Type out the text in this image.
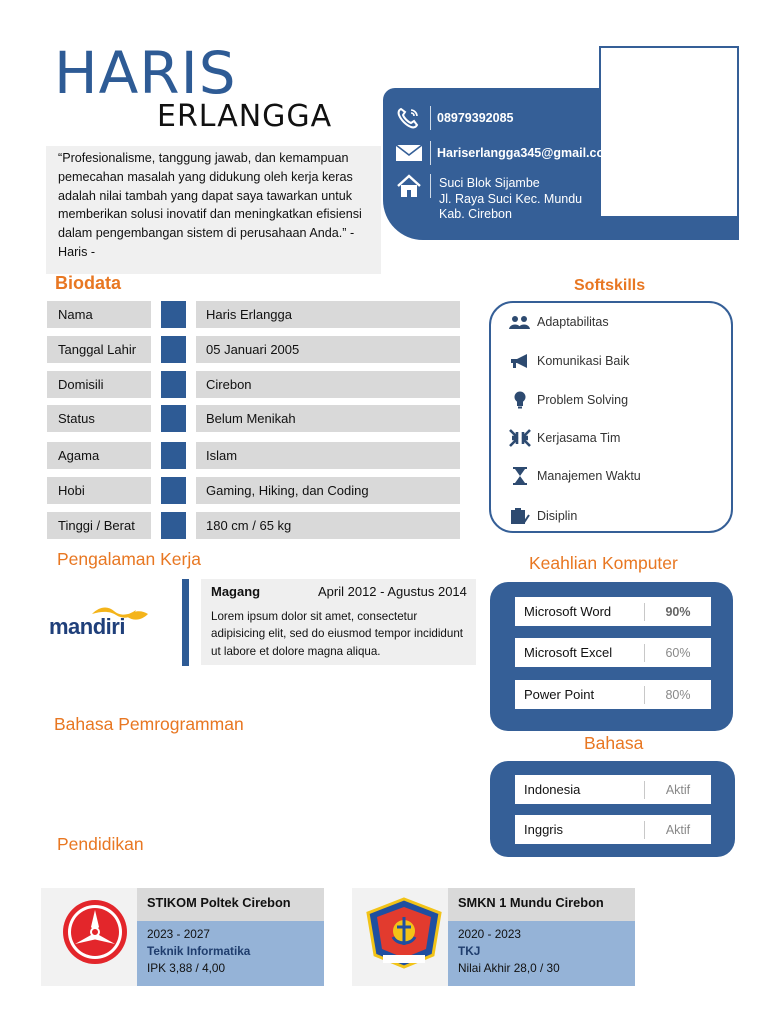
HARIS
ERLANGGA
“Profesionalisme, tanggung jawab, dan kemampuan pemecahan masalah yang didukung oleh kerja keras adalah nilai tambah yang dapat saya tawarkan untuk memberikan solusi inovatif dan meningkatkan efisiensi dalam pengembangan sistem di perusahaan Anda.” - Haris -
08979392085
Hariserlangga345@gmail.com
Suci Blok Sijambe
Jl. Raya Suci Kec. Mundu
Kab. Cirebon
Biodata
Nama	Haris Erlangga
Tanggal Lahir	05 Januari 2005
Domisili	Cirebon
Status	Belum Menikah
Agama	Islam
Hobi	Gaming, Hiking, dan Coding
Tinggi / Berat	180 cm / 65 kg
Softskills
Adaptabilitas
Komunikasi Baik
Problem Solving
Kerjasama Tim
Manajemen Waktu
Disiplin
Pengalaman Kerja
mandiri
Magang	April 2012 - Agustus 2014
Lorem ipsum dolor sit amet, consectetur adipisicing elit, sed do eiusmod tempor incididunt ut labore et dolore magna aliqua.
Keahlian Komputer
Microsoft Word	90%
Microsoft Excel	60%
Power Point	80%
Bahasa Pemrogramman
Bahasa
Indonesia	Aktif
Inggris	Aktif
Pendidikan
STIKOM Poltek Cirebon
2023 - 2027
Teknik Informatika
IPK 3,88 / 4,00
SMKN 1 Mundu Cirebon
2020 - 2023
TKJ
Nilai Akhir 28,0 / 30
